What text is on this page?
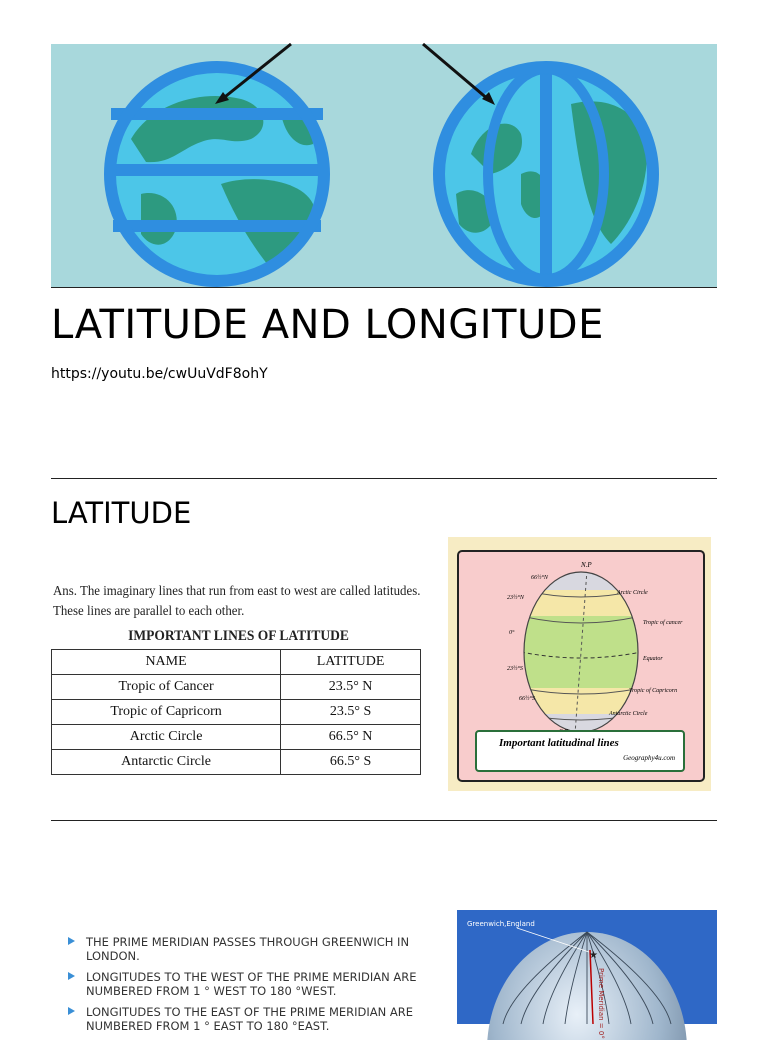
LATITUDE AND LONGITUDE
https://youtu.be/cwUuVdF8ohY
LATITUDE
Ans. The imaginary lines that run from east to west are called latitudes. These lines are parallel to each other.
IMPORTANT LINES OF LATITUDE
NAME	LATITUDE
Tropic of Cancer	23.5° N
Tropic of Capricorn	23.5° S
Arctic Circle	66.5° N
Antarctic Circle	66.5° S
N.P
66½°N
23½°N
0°
23½°S
66½°S
Arctic Circle
Tropic of cancer
Equator
Tropic of Capricorn
Antarctic Circle
Important latitudinal lines
Geography4u.com
THE PRIME MERIDIAN PASSES THROUGH GREENWICH IN LONDON.
LONGITUDES TO THE WEST OF THE PRIME MERIDIAN ARE NUMBERED FROM 1 ° WEST TO 180 °WEST.
LONGITUDES TO THE EAST OF THE PRIME MERIDIAN ARE NUMBERED FROM 1 ° EAST TO 180 °EAST.
★
Greenwich,England
Prime Meridian = 0°
